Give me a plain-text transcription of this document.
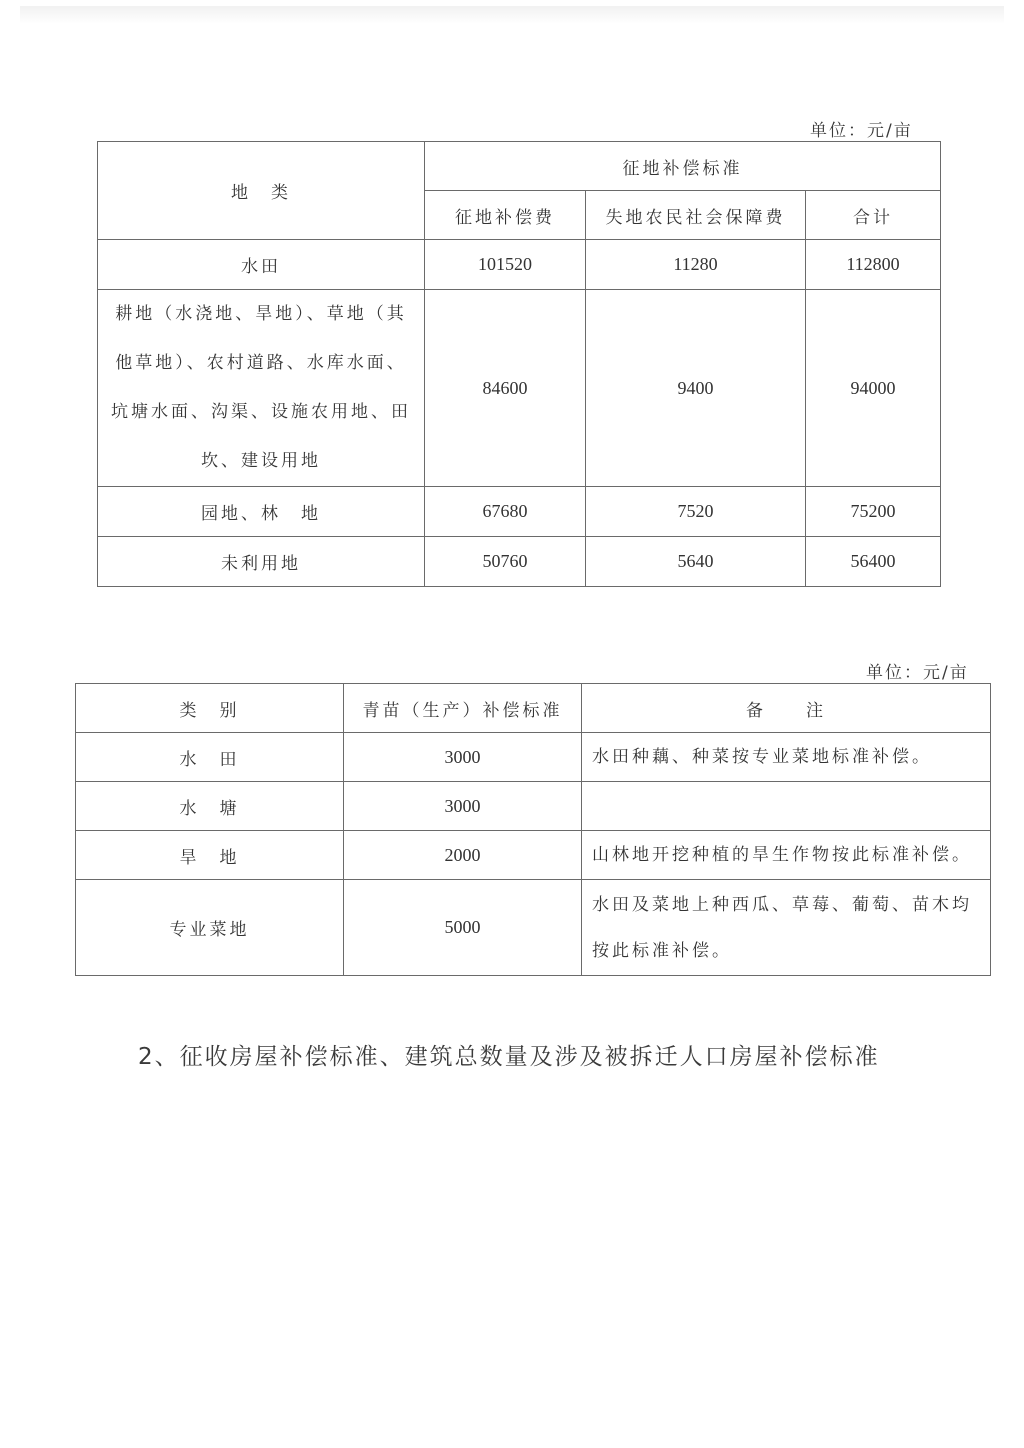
单位：元/亩
地　类	征地补偿标准		
	征地补偿费	失地农民社会保障费	合计
水田	101520	11280	112800

耕地（水浇地、旱地）、草地（其
他草地）、农村道路、水库水面、
坑塘水面、沟渠、设施农用地、田
坎、建设用地	84600	9400	94000
园地、林　地	67680	7520	75200
未利用地	50760	5640	56400
单位：元/亩
类　别	青苗（生产）补偿标准	备　　注
水　田	3000	水田种藕、种菜按专业菜地标准补偿。
水　塘	3000	
旱　地	2000	山林地开挖种植的旱生作物按此标准补偿。
专业菜地	5000	水田及菜地上种西瓜、草莓、葡萄、苗木均
按此标准补偿。
2、征收房屋补偿标准、建筑总数量及涉及被拆迁人口房屋补偿标准
